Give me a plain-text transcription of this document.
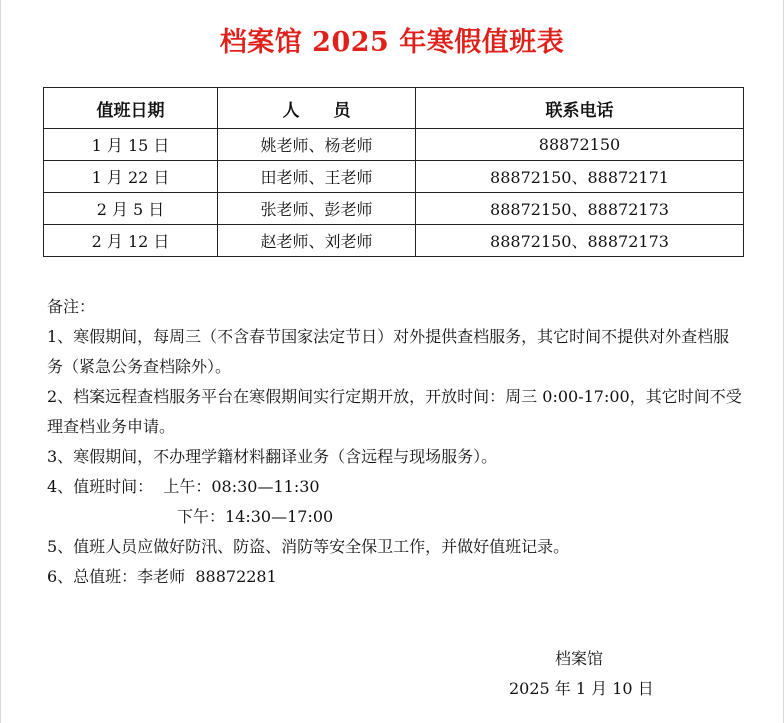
档案馆 2025 年寒假值班表
值班日期	人　　员	联系电话
1 月 15 日	姚老师、杨老师	88872150
1 月 22 日	田老师、王老师	88872150、88872171
2 月 5 日	张老师、彭老师	88872150、88872173
2 月 12 日	赵老师、刘老师	88872150、88872173

备注：

1、寒假期间，每周三（不含春节国家法定节日）对外提供查档服务，其它时间不提供对外查档服务（紧急公务查档除外）。

2、档案远程查档服务平台在寒假期间实行定期开放，开放时间：周三 0:00-17:00，其它时间不受理查档业务申请。

3、寒假期间，不办理学籍材料翻译业务（含远程与现场服务）。

4、值班时间：  上午：08:30—11:30

下午：14:30—17:00

5、值班人员应做好防汛、防盗、消防等安全保卫工作，并做好值班记录。

6、总值班：李老师  88872281

档案馆
2025 年 1 月 10 日
